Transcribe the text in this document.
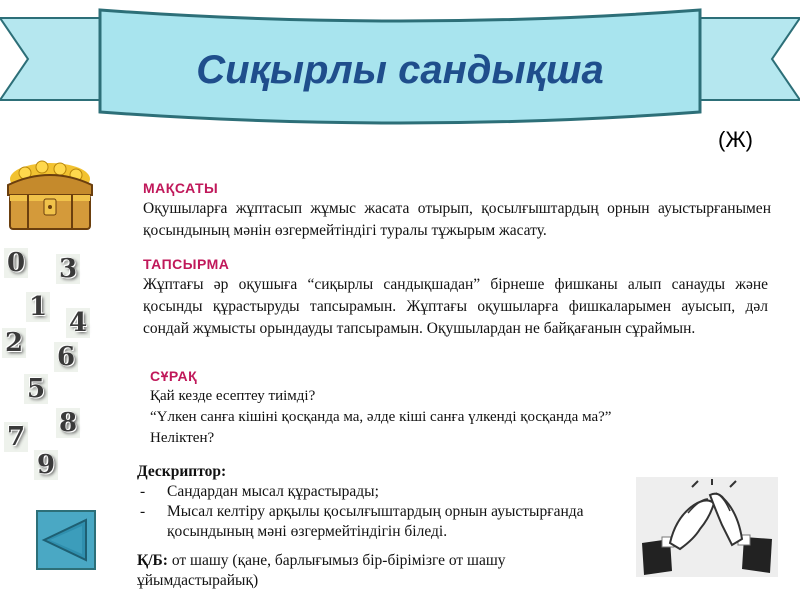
Сиқырлы сандықша
(Ж)
0 3
1
4
2 6
5
8
7
9
МАҚСАТЫ
Оқушыларға жұптасып жұмыс жасата отырып, қосылғыштардың орнын ауыстырғанымен қосындының мәнін өзгермейтіндігі туралы тұжырым жасату.
ТАПСЫРМА
Жұптағы әр оқушыға “сиқырлы сандықшадан” бірнеше фишканы алып санауды және қосынды құрастыруды тапсырамын. Жұптағы оқушыларға фишкаларымен ауысып, дәл сондай жұмысты орындауды тапсырамын. Оқушылардан не байқағанын сұраймын.
СҰРАҚ
Қай кезде есептеу тиімді?
“Үлкен санға кішіні қосқанда ма, әлде кіші санға үлкенді қосқанда ма?”
Неліктен?
Дескриптор:
- Сандардан мысал құрастырады;
- Мысал келтіру арқылы қосылғыштардың орнын ауыстырғанда қосындының мәні өзгермейтіндігін біледі.
Қ/Б: от шашу (қане, барлығымыз бір-бірімізге от шашу ұйымдастырайық)
